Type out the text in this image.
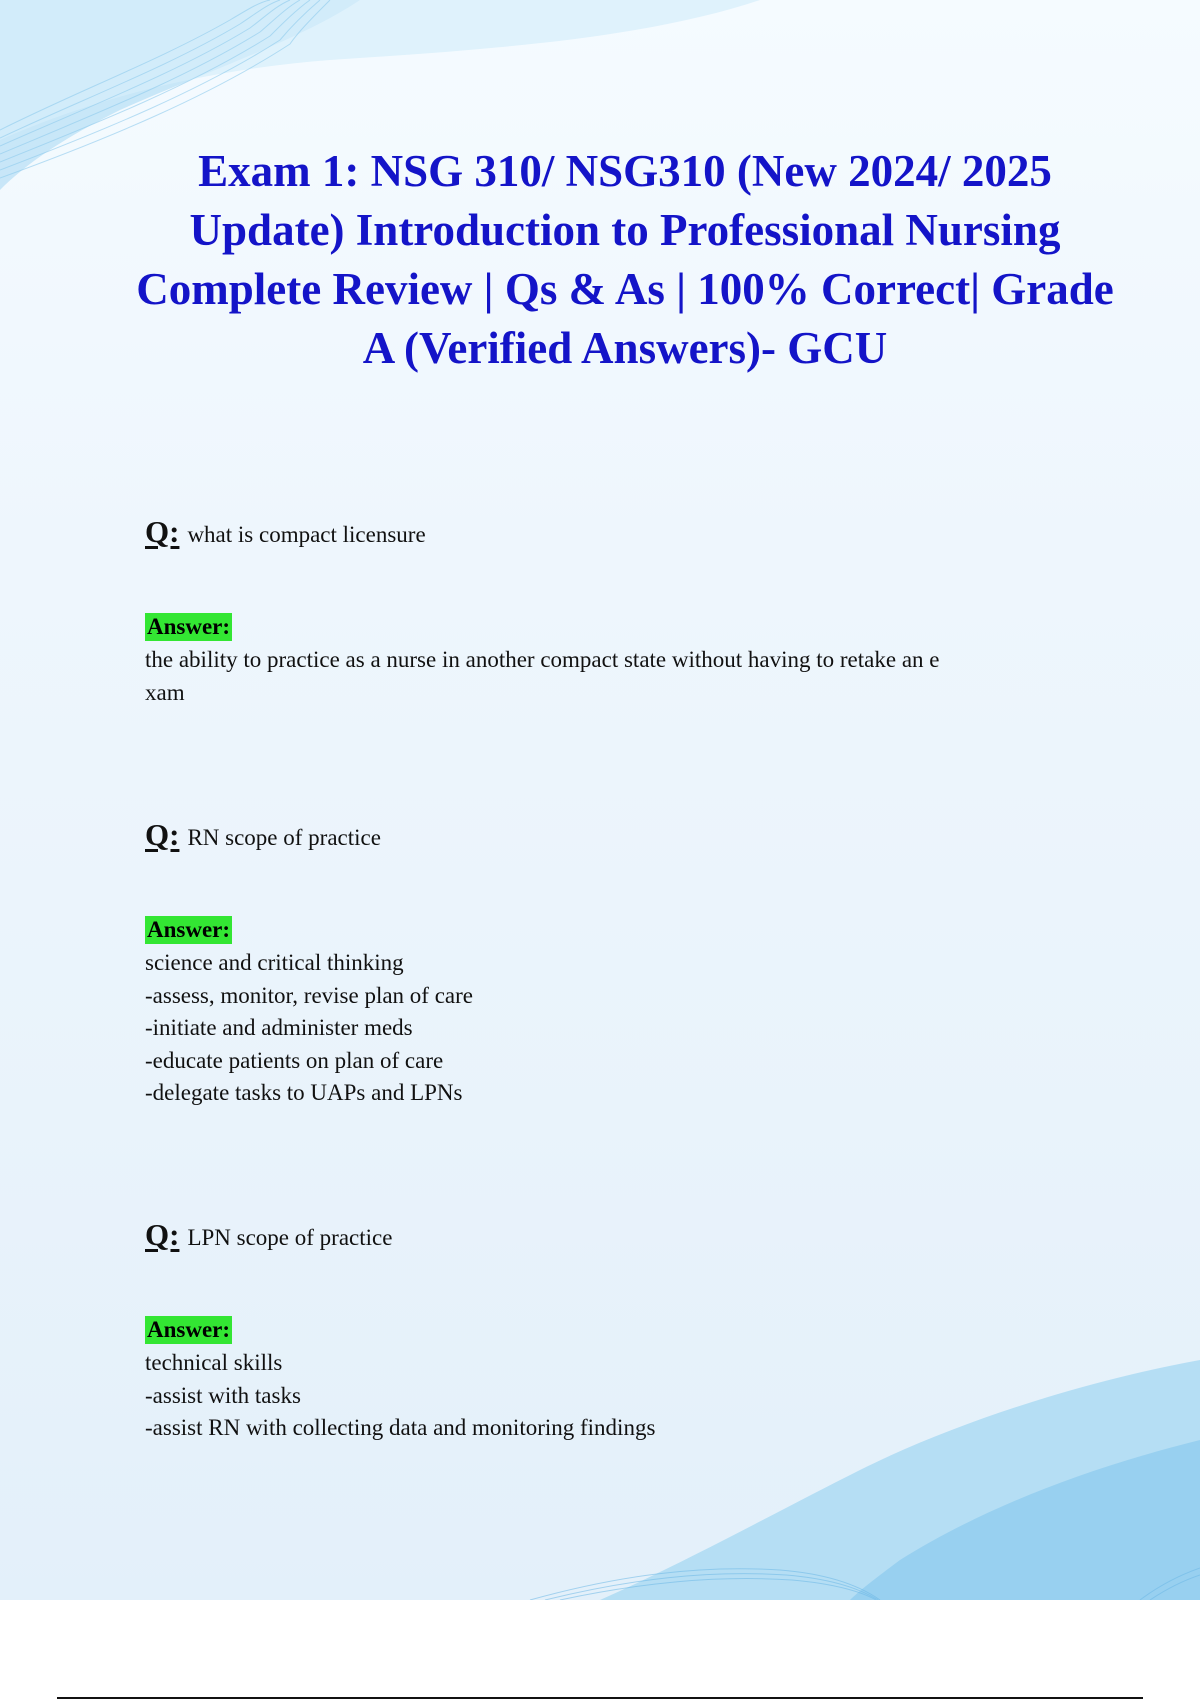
Exam 1: NSG 310/ NSG310 (New 2024/ 2025 Update) Introduction to Professional Nursing Complete Review | Qs & As | 100% Correct| Grade A (Verified Answers)- GCU
Q: what is compact licensure
Answer:
the ability to practice as a nurse in another compact state without having to retake an e
xam
Q: RN scope of practice
Answer:
science and critical thinking
-assess, monitor, revise plan of care
-initiate and administer meds
-educate patients on plan of care
-delegate tasks to UAPs and LPNs
Q: LPN scope of practice
Answer:
technical skills
-assist with tasks
-assist RN with collecting data and monitoring findings
